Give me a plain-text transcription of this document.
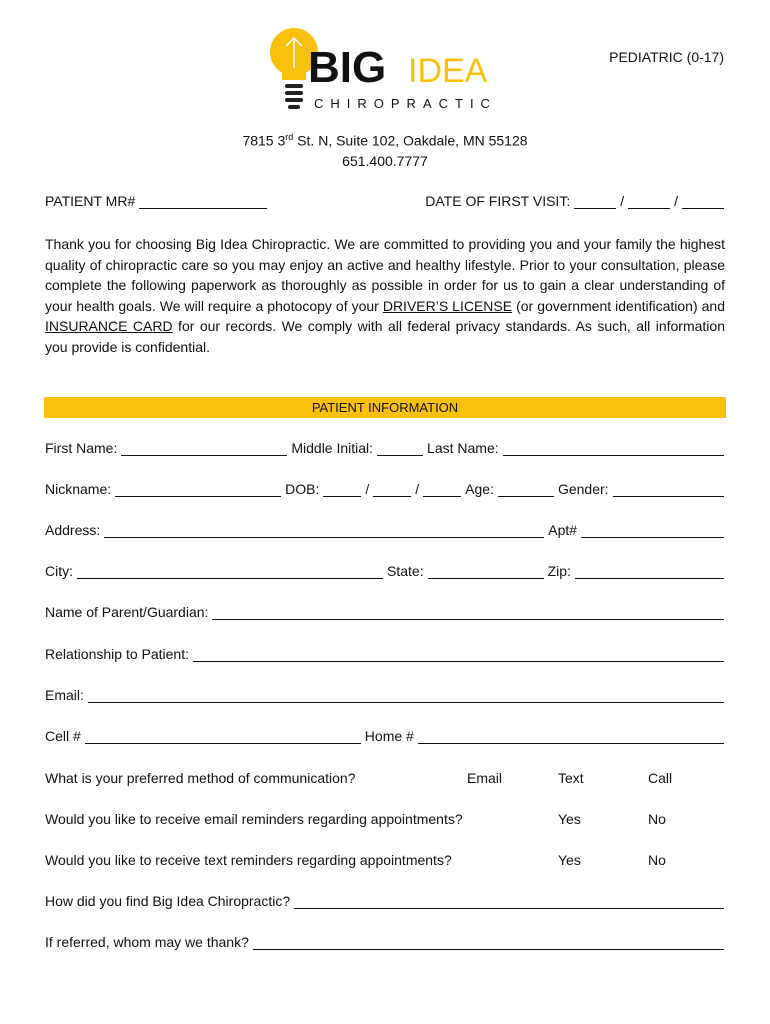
BIG IDEA
CHIROPRACTIC
PEDIATRIC (0-17)
7815 3rd St. N, Suite 102, Oakdale, MN 55128
651.400.7777
PATIENT MR#	DATE OF FIRST VISIT:	/	/
Thank you for choosing Big Idea Chiropractic. We are committed to providing you and your family the highest quality of chiropractic care so you may enjoy an active and healthy lifestyle. Prior to your consultation, please complete the following paperwork as thoroughly as possible in order for us to gain a clear understanding of your health goals. We will require a photocopy of your DRIVER’S LICENSE (or government identification) and INSURANCE CARD for our records. We comply with all federal privacy standards. As such, all information you provide is confidential.
PATIENT INFORMATION
First Name:	Middle Initial:	Last Name:
Nickname:	DOB:	/	/	Age:	Gender:
Address:	Apt#
City:	State:	Zip:
Name of Parent/Guardian:
Relationship to Patient:
Email:
Cell #	Home #
What is your preferred method of communication?	Email	Text	Call
Would you like to receive email reminders regarding appointments?	Yes	No
Would you like to receive text reminders regarding appointments?	Yes	No
How did you find Big Idea Chiropractic?
If referred, whom may we thank?
